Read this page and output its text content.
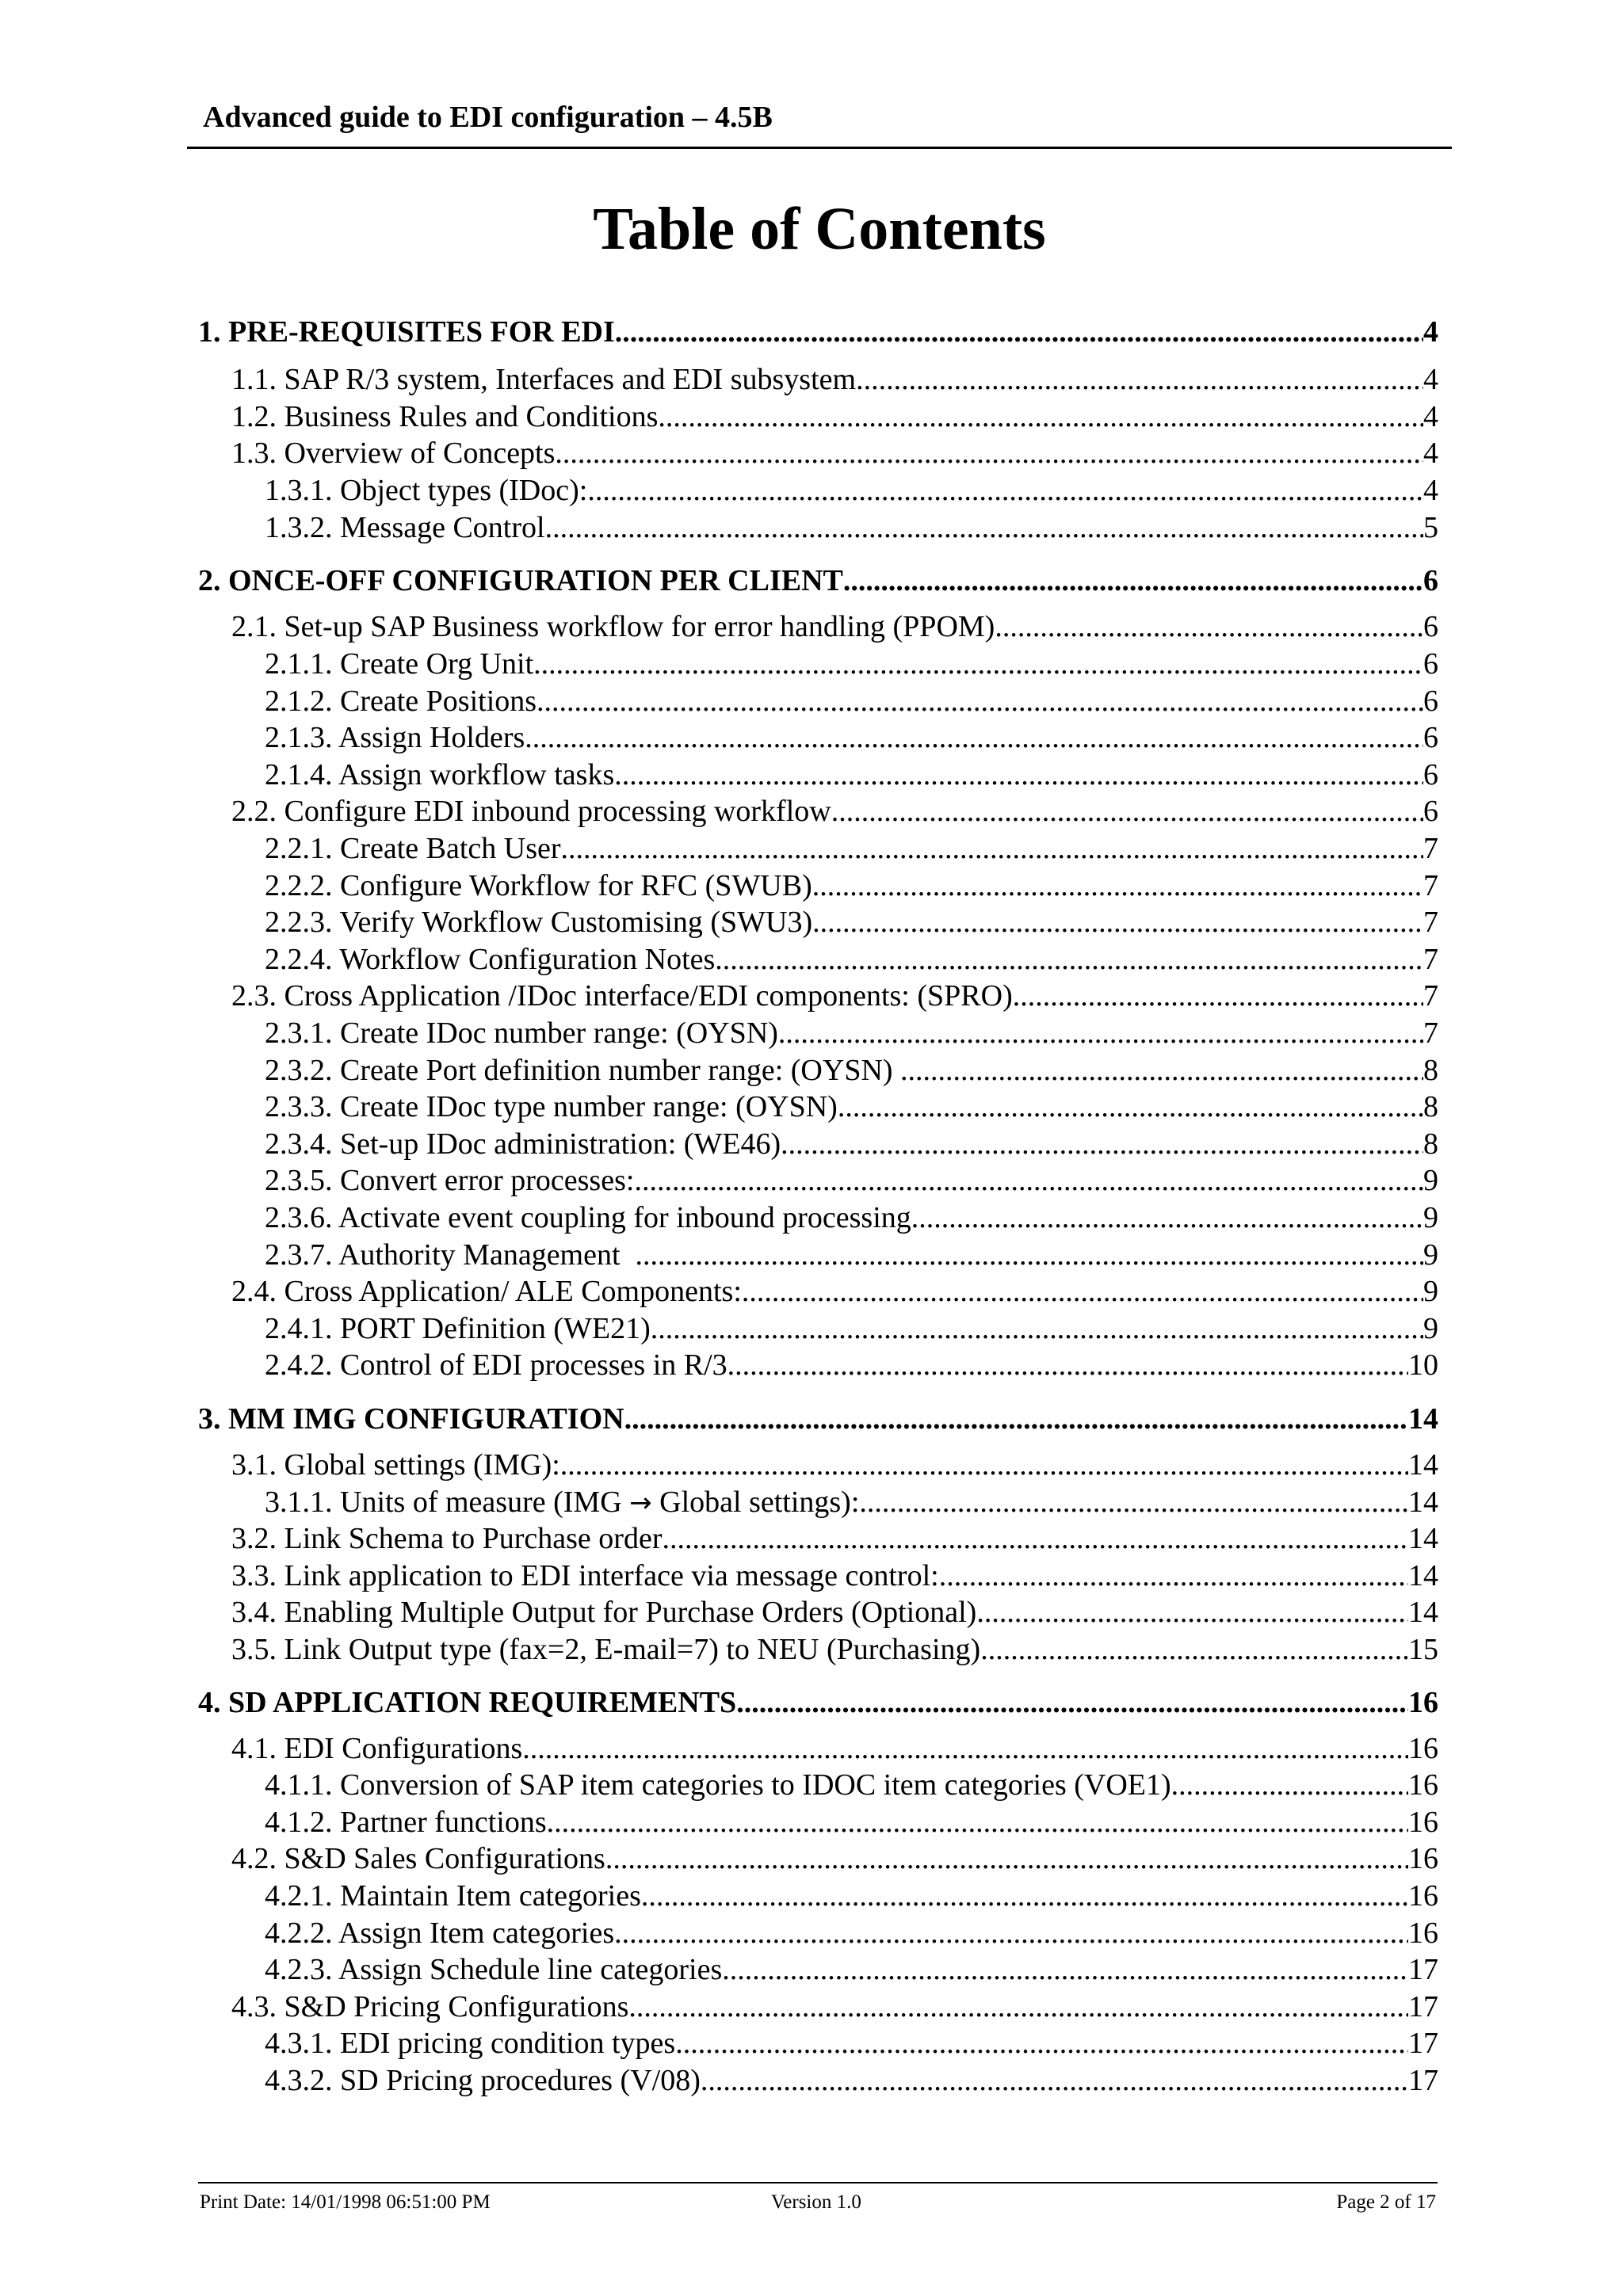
Advanced guide to EDI configuration – 4.5B
Table of Contents
1. PRE-REQUISITES FOR EDI .....	4
1.1. SAP R/3 system, Interfaces and EDI subsystem .....	4
1.2. Business Rules and Conditions .....	4
1.3. Overview of Concepts .....	4
1.3.1. Object types (IDoc): .....	4
1.3.2. Message Control .....	5
2. ONCE-OFF CONFIGURATION PER CLIENT .....	6
2.1. Set-up SAP Business workflow for error handling (PPOM) .....	6
2.1.1. Create Org Unit .....	6
2.1.2. Create Positions .....	6
2.1.3. Assign Holders .....	6
2.1.4. Assign workflow tasks .....	6
2.2. Configure EDI inbound processing workflow .....	6
2.2.1. Create Batch User .....	7
2.2.2. Configure Workflow for RFC (SWUB) .....	7
2.2.3. Verify Workflow Customising (SWU3) .....	7
2.2.4. Workflow Configuration Notes .....	7
2.3. Cross Application /IDoc interface/EDI components: (SPRO) .....	7
2.3.1. Create IDoc number range: (OYSN) .....	7
2.3.2. Create Port definition number range: (OYSN) .....	8
2.3.3. Create IDoc type number range: (OYSN) .....	8
2.3.4. Set-up IDoc administration: (WE46) .....	8
2.3.5. Convert error processes: .....	9
2.3.6. Activate event coupling for inbound processing .....	9
2.3.7. Authority Management .....	9
2.4. Cross Application/ ALE Components: .....	9
2.4.1. PORT Definition (WE21) .....	9
2.4.2. Control of EDI processes in R/3 .....	10
3. MM IMG CONFIGURATION .....	14
3.1. Global settings (IMG): .....	14
3.1.1. Units of measure (IMG → Global settings): .....	14
3.2. Link Schema to Purchase order .....	14
3.3. Link application to EDI interface via message control: .....	14
3.4. Enabling Multiple Output for Purchase Orders (Optional) .....	14
3.5. Link Output type (fax=2, E-mail=7) to NEU (Purchasing) .....	15
4. SD APPLICATION REQUIREMENTS .....	16
4.1. EDI Configurations .....	16
4.1.1. Conversion of SAP item categories to IDOC item categories (VOE1) .....	16
4.1.2. Partner functions .....	16
4.2. S&D Sales Configurations .....	16
4.2.1. Maintain Item categories .....	16
4.2.2. Assign Item categories .....	16
4.2.3. Assign Schedule line categories .....	17
4.3. S&D Pricing Configurations .....	17
4.3.1. EDI pricing condition types .....	17
4.3.2. SD Pricing procedures (V/08) .....	17
Print Date: 14/01/1998 06:51:00 PM	Version 1.0	Page 2 of 17
